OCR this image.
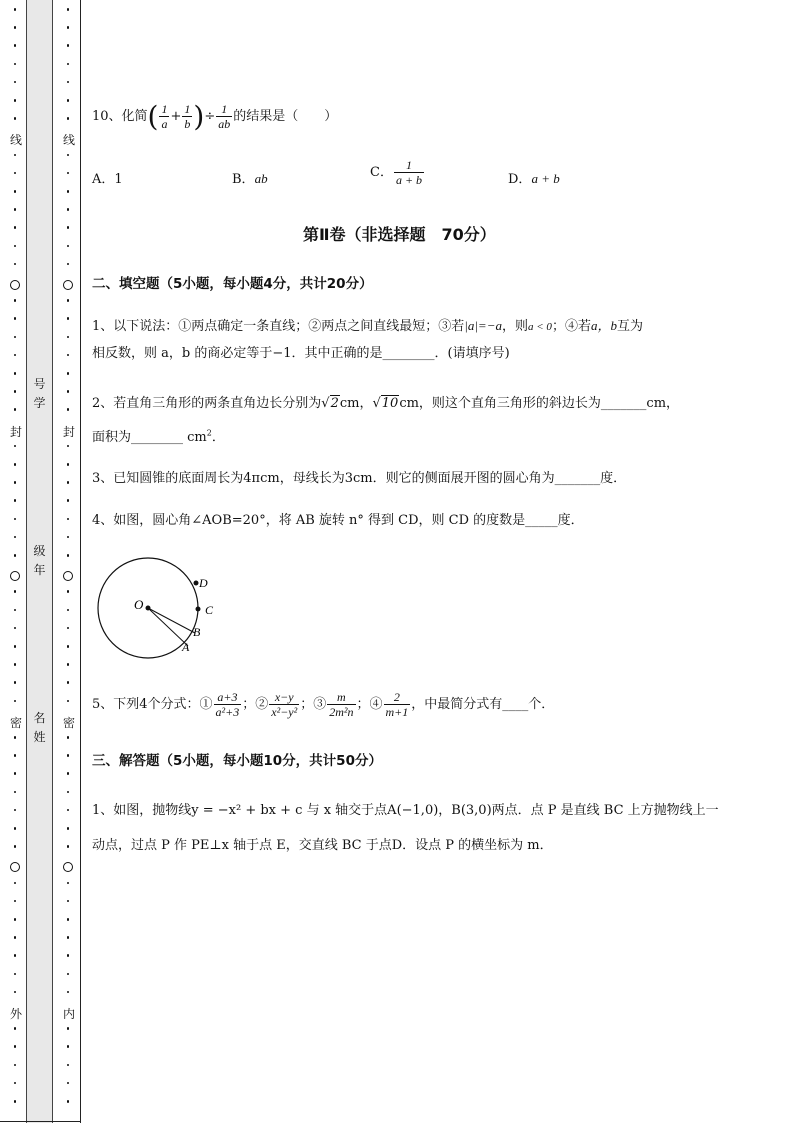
线
封
密
外
线
封
密
内
号
学
级
年
名
姓
10、化简( $\frac{1}{a} + \frac{1}{b}$ )÷ $\frac{1}{ab}$ 的结果是（　　）
A．1	B．ab	C． $\frac{1}{a + b}$	D．a + b
第Ⅱ卷（非选择题　70分）
二、填空题（5小题，每小题4分，共计20分）
1、以下说法：①两点确定一条直线；②两点之间直线最短；③若|a|=−a，则a < 0；④若a，b互为
相反数，则 a，b 的商必定等于−1．其中正确的是________．(请填序号)
2、若直角三角形的两条直角边长分别为√2cm，√10cm，则这个直角三角形的斜边长为_______cm，
面积为________ $cm^2$．
3、已知圆锥的底面周长为4πcm，母线长为3cm．则它的侧面展开图的圆心角为_______度．
4、如图，圆心角∠AOB=20°，将 AB 旋转 n° 得到 CD，则 CD 的度数是_____度．
O
A
B
C
D
5、下列4个分式：① $\frac{a+3}{\text{a²+3}}$ ；② $\frac{x-y}{\text{x²−y²}}$ ；③ $\frac{m}{\text{2m²n}}$ ；④ $\frac{2}{m+1}$ ，中最简分式有____个．
三、解答题（5小题，每小题10分，共计50分）
1、如图，抛物线y = −x² + bx + c 与 x 轴交于点A(−1,0)，B(3,0)两点．点 P 是直线 BC 上方抛物线上一
动点，过点 P 作 PE⊥x 轴于点 E，交直线 BC 于点D．设点 P 的横坐标为 m．
